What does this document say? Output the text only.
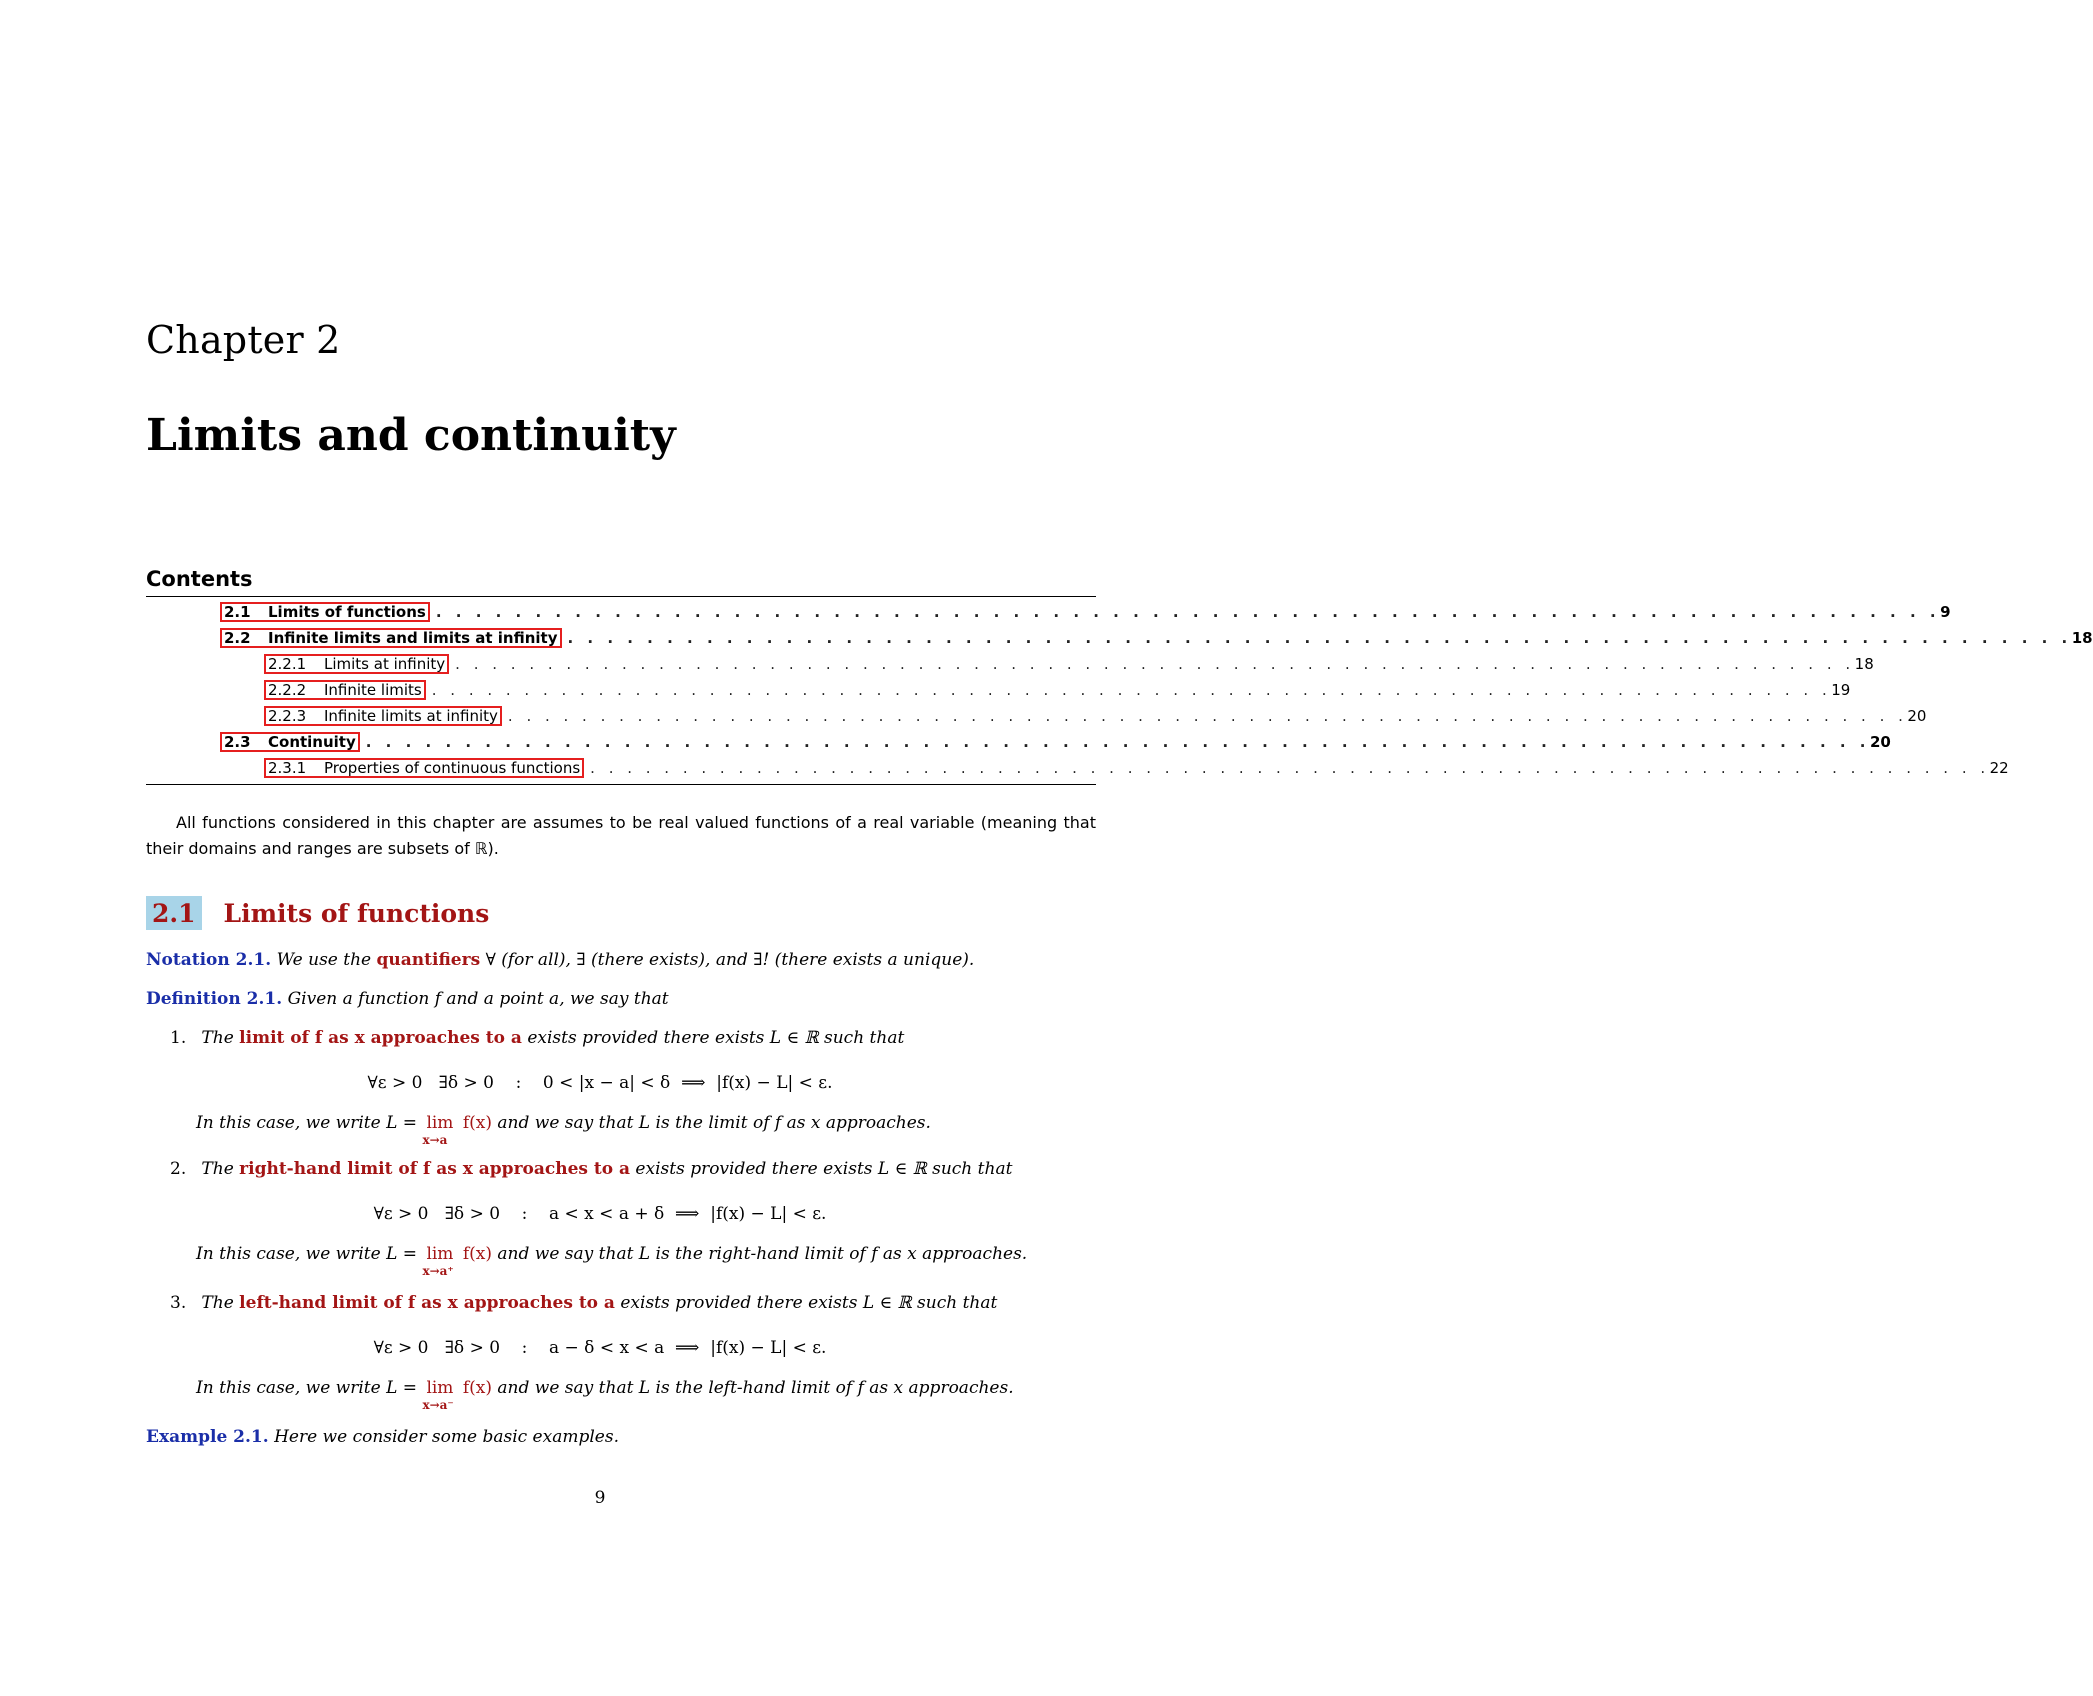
Chapter 2
Limits and continuity
Contents
2.1	Limits of functions . . . . . . . . . . . . . . . . . . . . . . . . . . . . . . . . . . . . . . . . . . . . . . . . . . . . . . . . . . . . . . . . . . . . . . . . . . . . 9
2.2	Infinite limits and limits at infinity . . . . . . . . . . . . . . . . . . . . . . . . . . . . . . . . . . . . . . . . . . . . . . . . . . . . . . . . . . . . . . . . . . . . . . . . . . . . 18
2.2.1	Limits at infinity . . . . . . . . . . . . . . . . . . . . . . . . . . . . . . . . . . . . . . . . . . . . . . . . . . . . . . . . . . . . . . . . . . . . . . . . . . . . 18
2.2.2	Infinite limits . . . . . . . . . . . . . . . . . . . . . . . . . . . . . . . . . . . . . . . . . . . . . . . . . . . . . . . . . . . . . . . . . . . . . . . . . . . . 19
2.2.3	Infinite limits at infinity . . . . . . . . . . . . . . . . . . . . . . . . . . . . . . . . . . . . . . . . . . . . . . . . . . . . . . . . . . . . . . . . . . . . . . . . . . . . 20
2.3	Continuity . . . . . . . . . . . . . . . . . . . . . . . . . . . . . . . . . . . . . . . . . . . . . . . . . . . . . . . . . . . . . . . . . . . . . . . . . . . . 20
2.3.1	Properties of continuous functions . . . . . . . . . . . . . . . . . . . . . . . . . . . . . . . . . . . . . . . . . . . . . . . . . . . . . . . . . . . . . . . . . . . . . . . . . . . . 22
All functions considered in this chapter are assumes to be real valued functions of a real variable (meaning that their domains and ranges are subsets of ℝ).
2.1 Limits of functions
Notation 2.1. We use the quantifiers ∀ (for all), ∃ (there exists), and ∃! (there exists a unique).
Definition 2.1. Given a function f and a point a, we say that
1. The limit of f as x approaches to a exists provided there exists L ∈ ℝ such that
∀ε > 0   ∃δ > 0    :    0 < |x − a| < δ  ⟹  |f(x) − L| < ε.
In this case, we write L = lim
x→a
f(x) and we say that L is the limit of f as x approaches.
2. The right-hand limit of f as x approaches to a exists provided there exists L ∈ ℝ such that
∀ε > 0   ∃δ > 0    :    a < x < a + δ  ⟹  |f(x) − L| < ε.
In this case, we write L = lim
x→a⁺
f(x) and we say that L is the right-hand limit of f as x approaches.
3. The left-hand limit of f as x approaches to a exists provided there exists L ∈ ℝ such that
∀ε > 0   ∃δ > 0    :    a − δ < x < a  ⟹  |f(x) − L| < ε.
In this case, we write L = lim
x→a⁻
f(x) and we say that L is the left-hand limit of f as x approaches.
Example 2.1. Here we consider some basic examples.
9
